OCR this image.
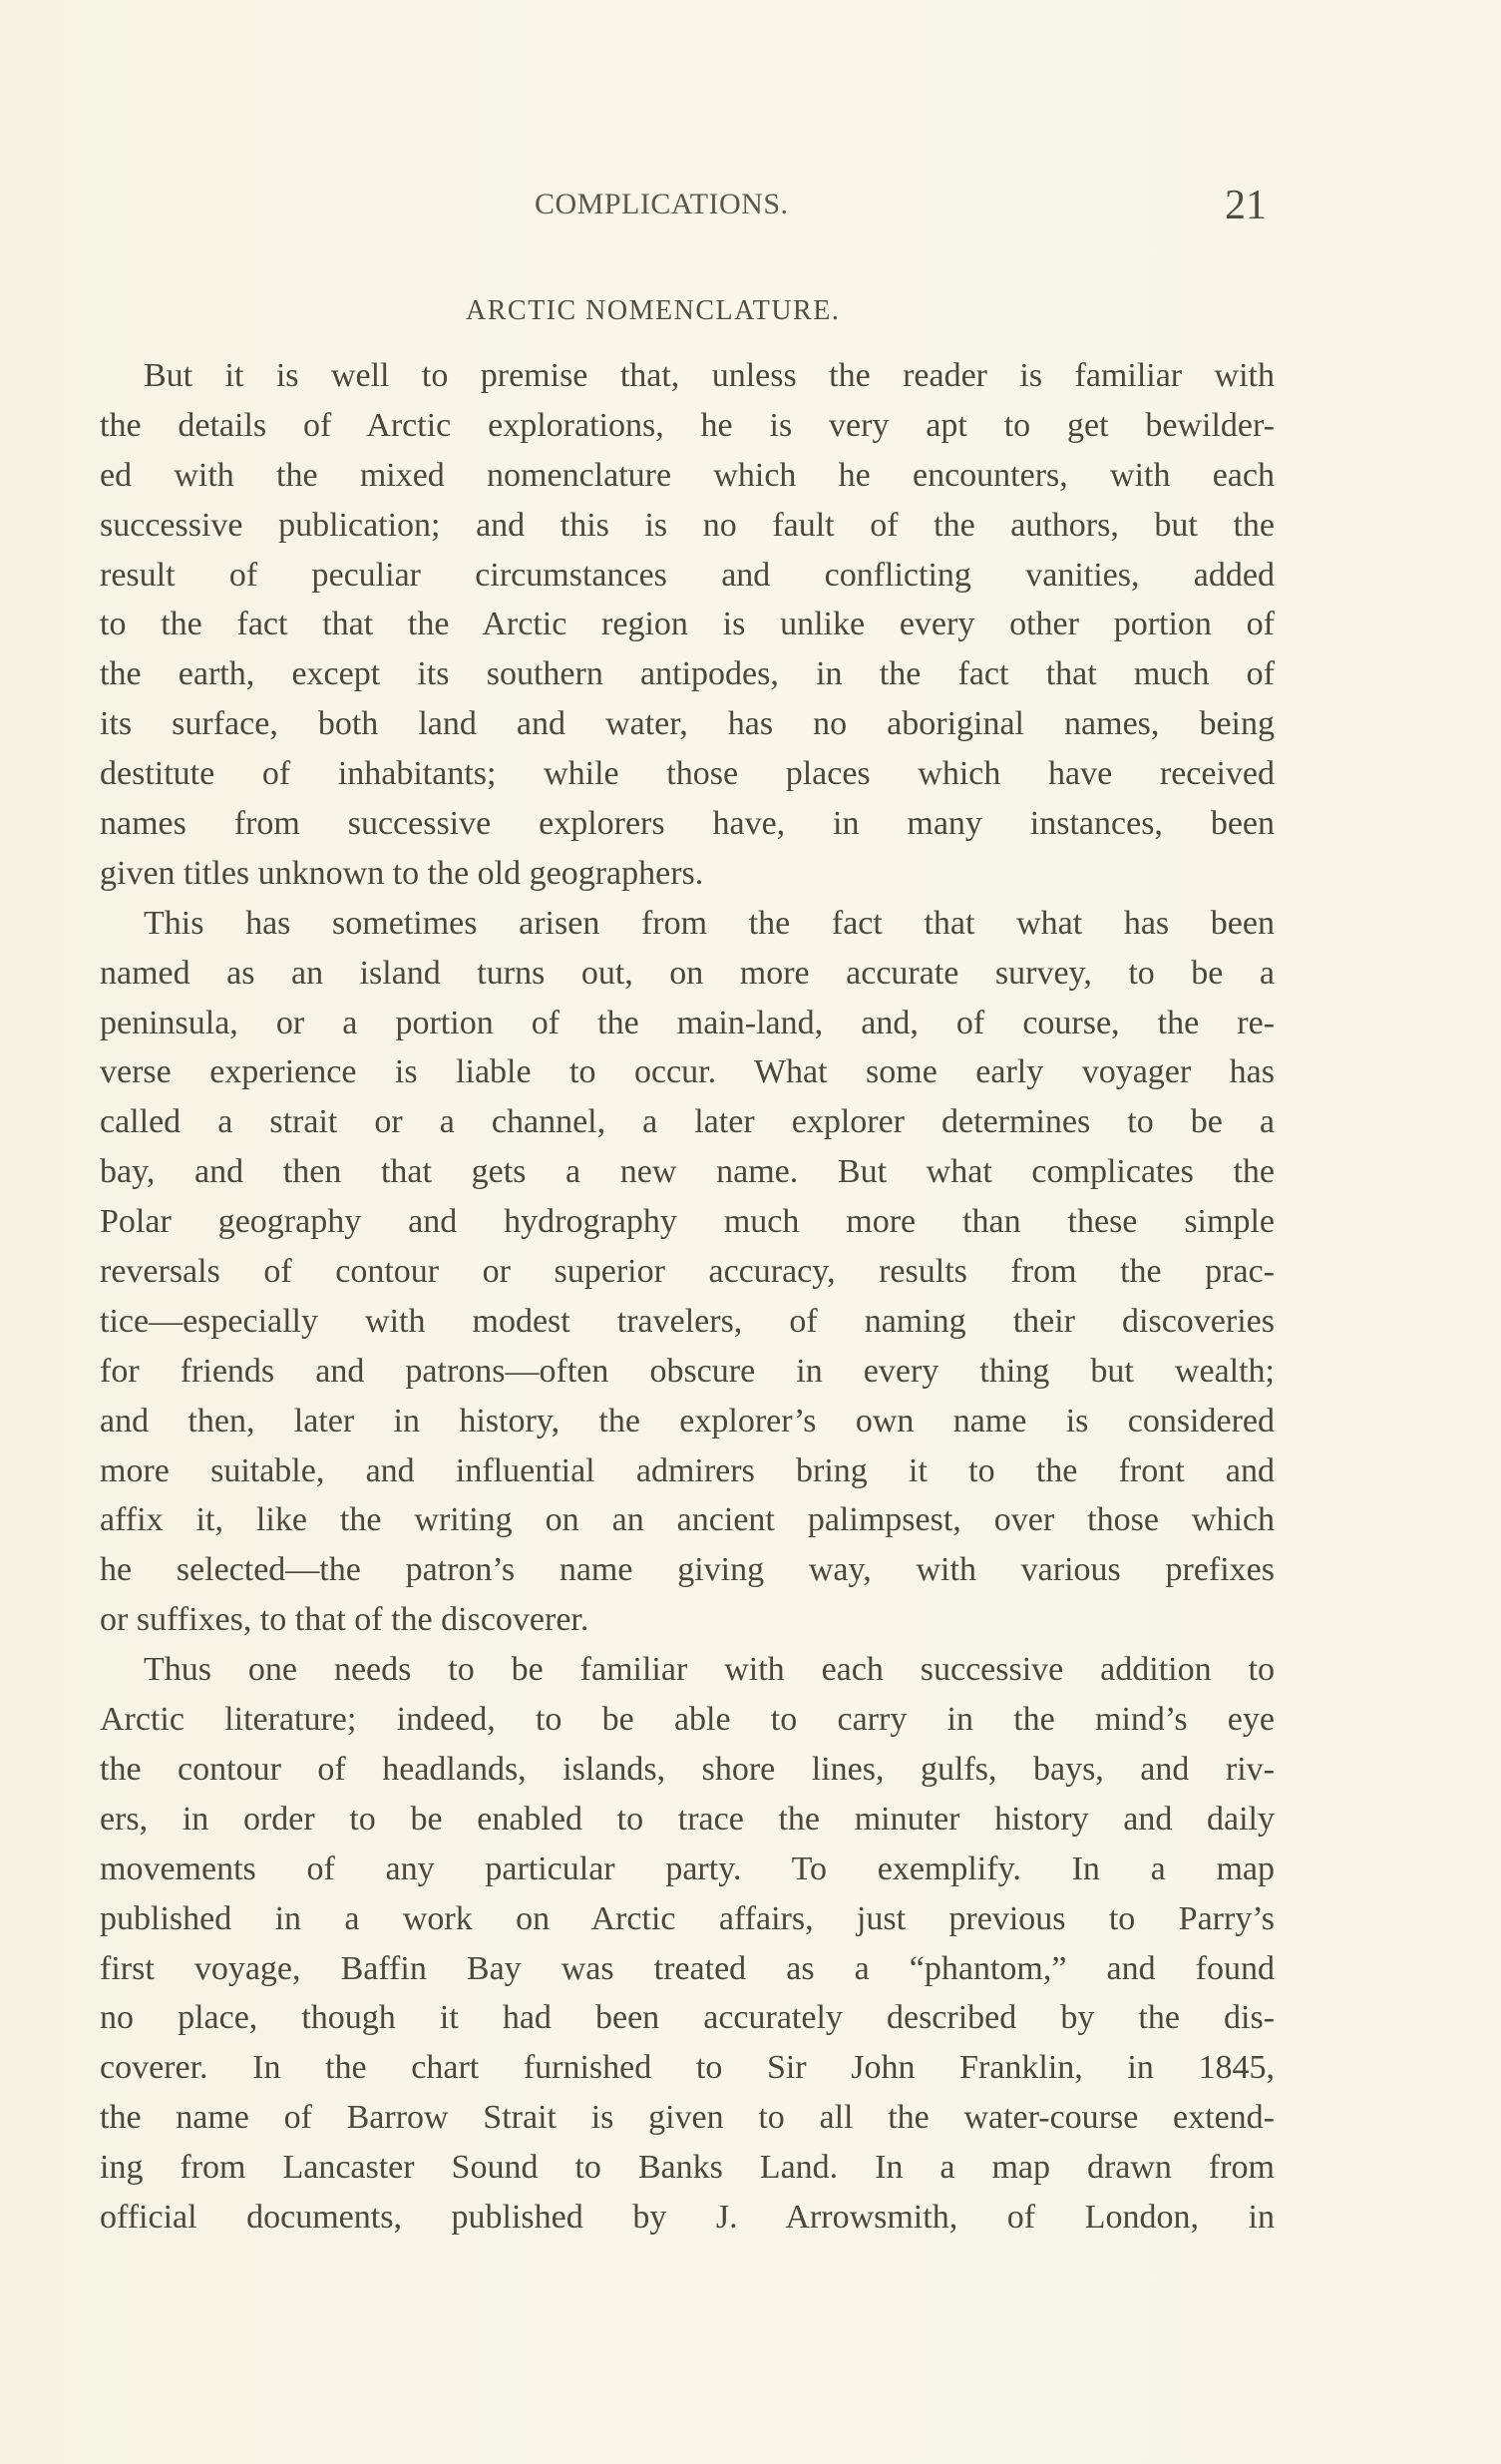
COMPLICATIONS.	21
ARCTIC NOMENCLATURE.
But it is well to premise that, unless the reader is familiar with
the details of Arctic explorations, he is very apt to get bewilder-
ed with the mixed nomenclature which he encounters, with each
successive publication; and this is no fault of the authors, but the
result of peculiar circumstances and conflicting vanities, added
to the fact that the Arctic region is unlike every other portion of
the earth, except its southern antipodes, in the fact that much of
its surface, both land and water, has no aboriginal names, being
destitute of inhabitants; while those places which have received
names from successive explorers have, in many instances, been
given titles unknown to the old geographers.
This has sometimes arisen from the fact that what has been
named as an island turns out, on more accurate survey, to be a
peninsula, or a portion of the main-land, and, of course, the re-
verse experience is liable to occur. What some early voyager has
called a strait or a channel, a later explorer determines to be a
bay, and then that gets a new name. But what complicates the
Polar geography and hydrography much more than these simple
reversals of contour or superior accuracy, results from the prac-
tice—especially with modest travelers, of naming their discoveries
for friends and patrons—often obscure in every thing but wealth;
and then, later in history, the explorer’s own name is considered
more suitable, and influential admirers bring it to the front and
affix it, like the writing on an ancient palimpsest, over those which
he selected—the patron’s name giving way, with various prefixes
or suffixes, to that of the discoverer.
Thus one needs to be familiar with each successive addition to
Arctic literature; indeed, to be able to carry in the mind’s eye
the contour of headlands, islands, shore lines, gulfs, bays, and riv-
ers, in order to be enabled to trace the minuter history and daily
movements of any particular party. To exemplify. In a map
published in a work on Arctic affairs, just previous to Parry’s
first voyage, Baffin Bay was treated as a “phantom,” and found
no place, though it had been accurately described by the dis-
coverer. In the chart furnished to Sir John Franklin, in 1845,
the name of Barrow Strait is given to all the water-course extend-
ing from Lancaster Sound to Banks Land. In a map drawn from
official documents, published by J. Arrowsmith, of London, in
